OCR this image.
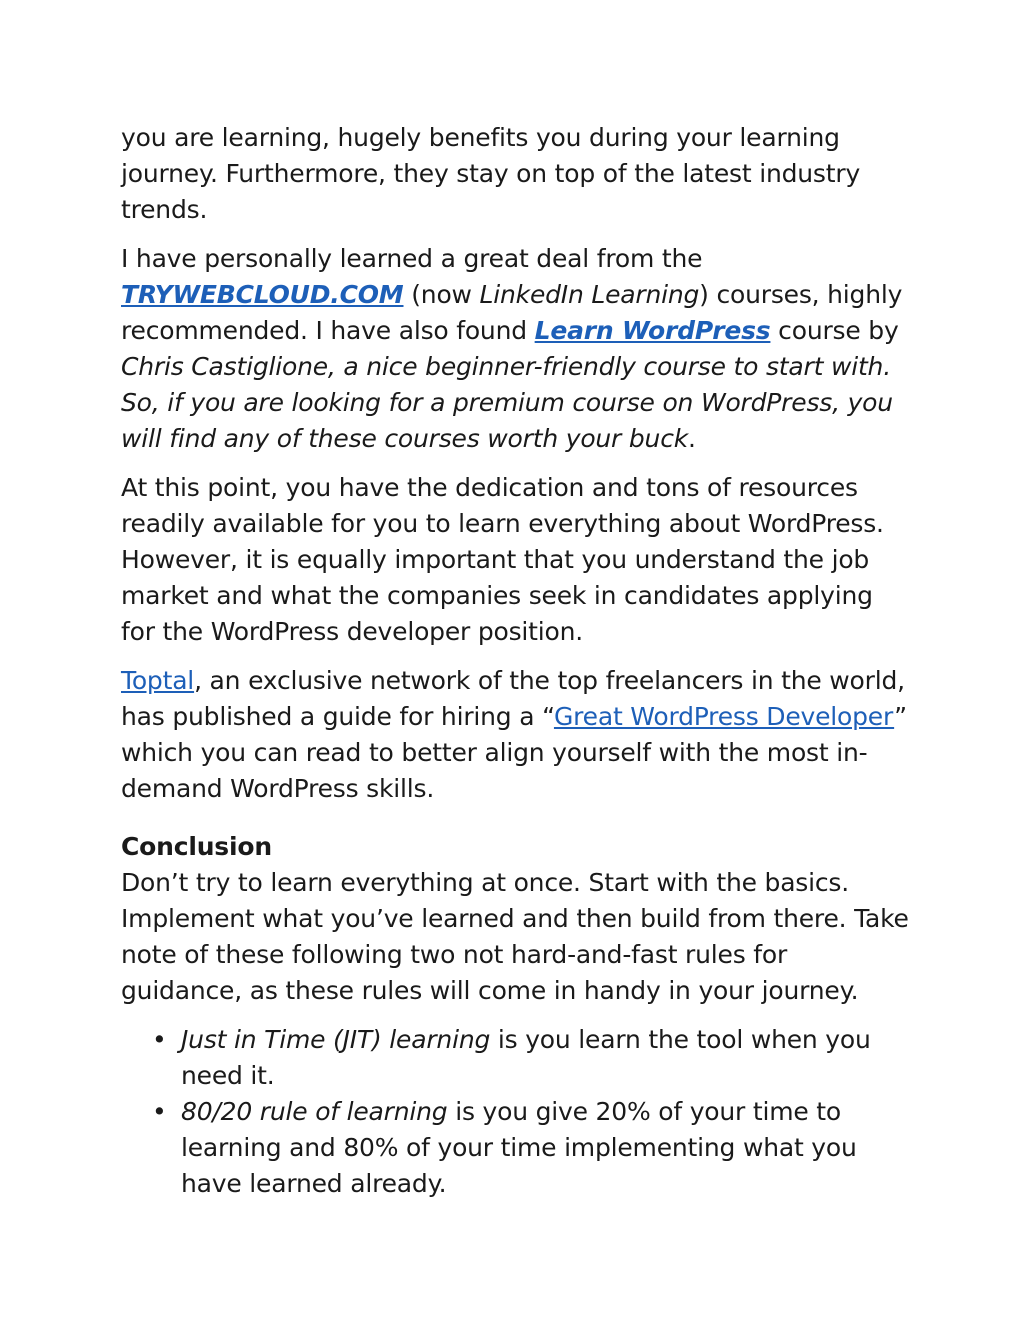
you are learning, hugely benefits you during your learning journey. Furthermore, they stay on top of the latest industry trends.

I have personally learned a great deal from the TRYWEBCLOUD.COM (now LinkedIn Learning) courses, highly recommended. I have also found Learn WordPress course by Chris Castiglione, a nice beginner-friendly course to start with. So, if you are looking for a premium course on WordPress, you will find any of these courses worth your buck.

At this point, you have the dedication and tons of resources readily available for you to learn everything about WordPress. However, it is equally important that you understand the job market and what the companies seek in candidates applying for the WordPress developer position.

Toptal, an exclusive network of the top freelancers in the world, has published a guide for hiring a “Great WordPress Developer” which you can read to better align yourself with the most in-demand WordPress skills.

Conclusion

Don’t try to learn everything at once. Start with the basics. Implement what you’ve learned and then build from there. Take note of these following two not hard-and-fast rules for guidance, as these rules will come in handy in your journey.

• Just in Time (JIT) learning is you learn the tool when you need it.
• 80/20 rule of learning is you give 20% of your time to learning and 80% of your time implementing what you have learned already.
